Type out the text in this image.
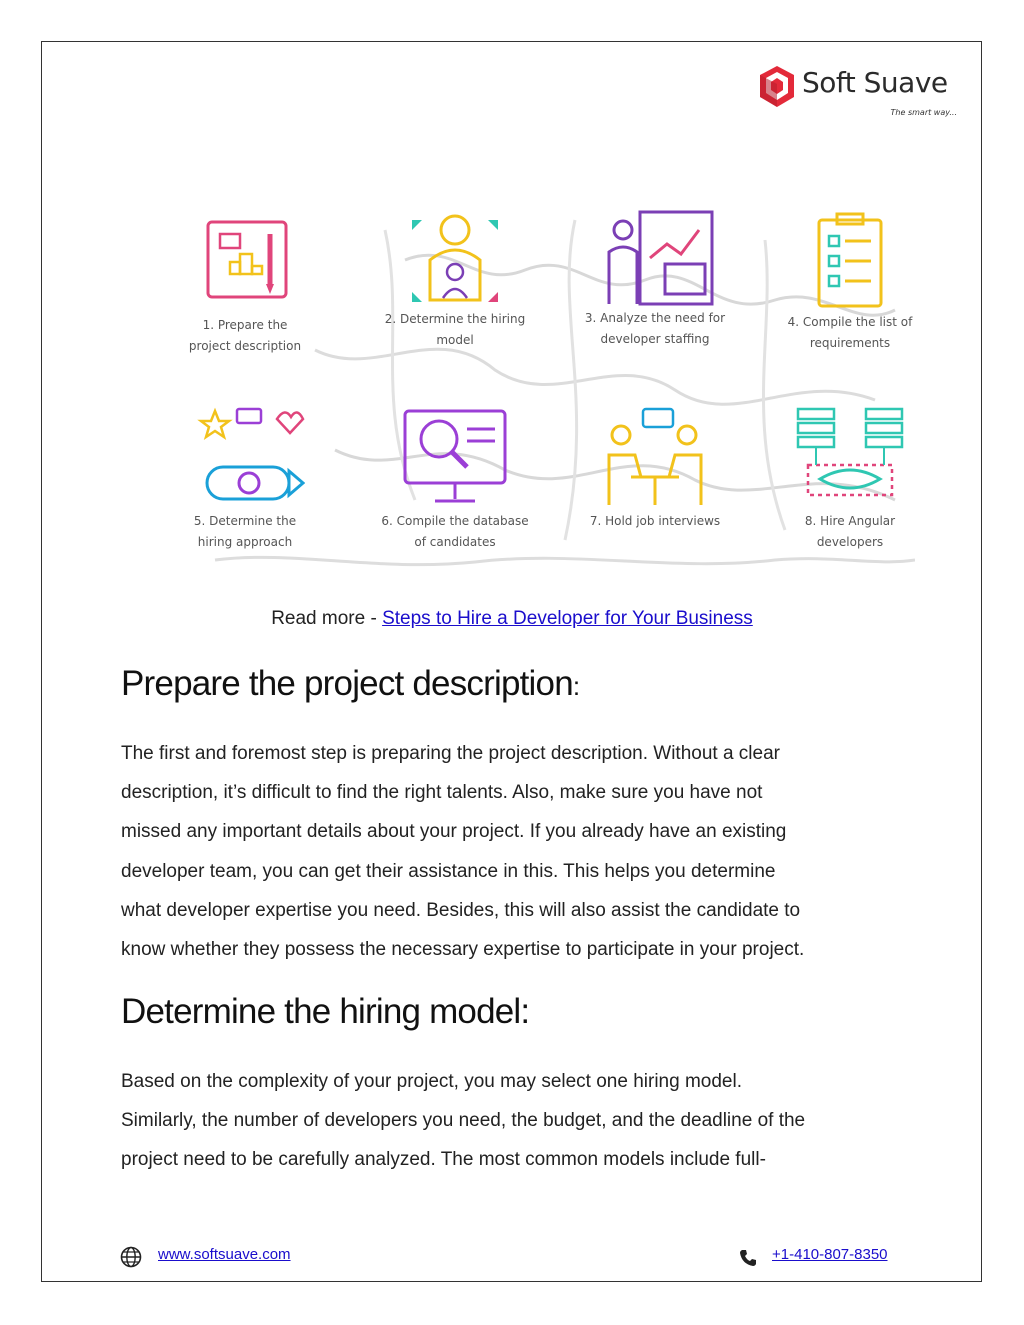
Soft Suave
The smart way...
1. Prepare the
project description
2. Determine the hiring
model
3. Analyze the need for
developer staffing
4. Compile the list of
requirements
5. Determine the
hiring approach
6. Compile the database
of candidates
7. Hold job interviews	8. Hire Angular
developers
Read more - Steps to Hire a Developer for Your Business
Prepare the project description:
The first and foremost step is preparing the project description. Without a clear
description, it’s difficult to find the right talents. Also, make sure you have not
missed any important details about your project. If you already have an existing
developer team, you can get their assistance in this. This helps you determine
what developer expertise you need. Besides, this will also assist the candidate to
know whether they possess the necessary expertise to participate in your project.
Determine the hiring model:
Based on the complexity of your project, you may select one hiring model.
Similarly, the number of developers you need, the budget, and the deadline of the
project need to be carefully analyzed. The most common models include full-
www.softsuave.com	+1-410-807-8350
